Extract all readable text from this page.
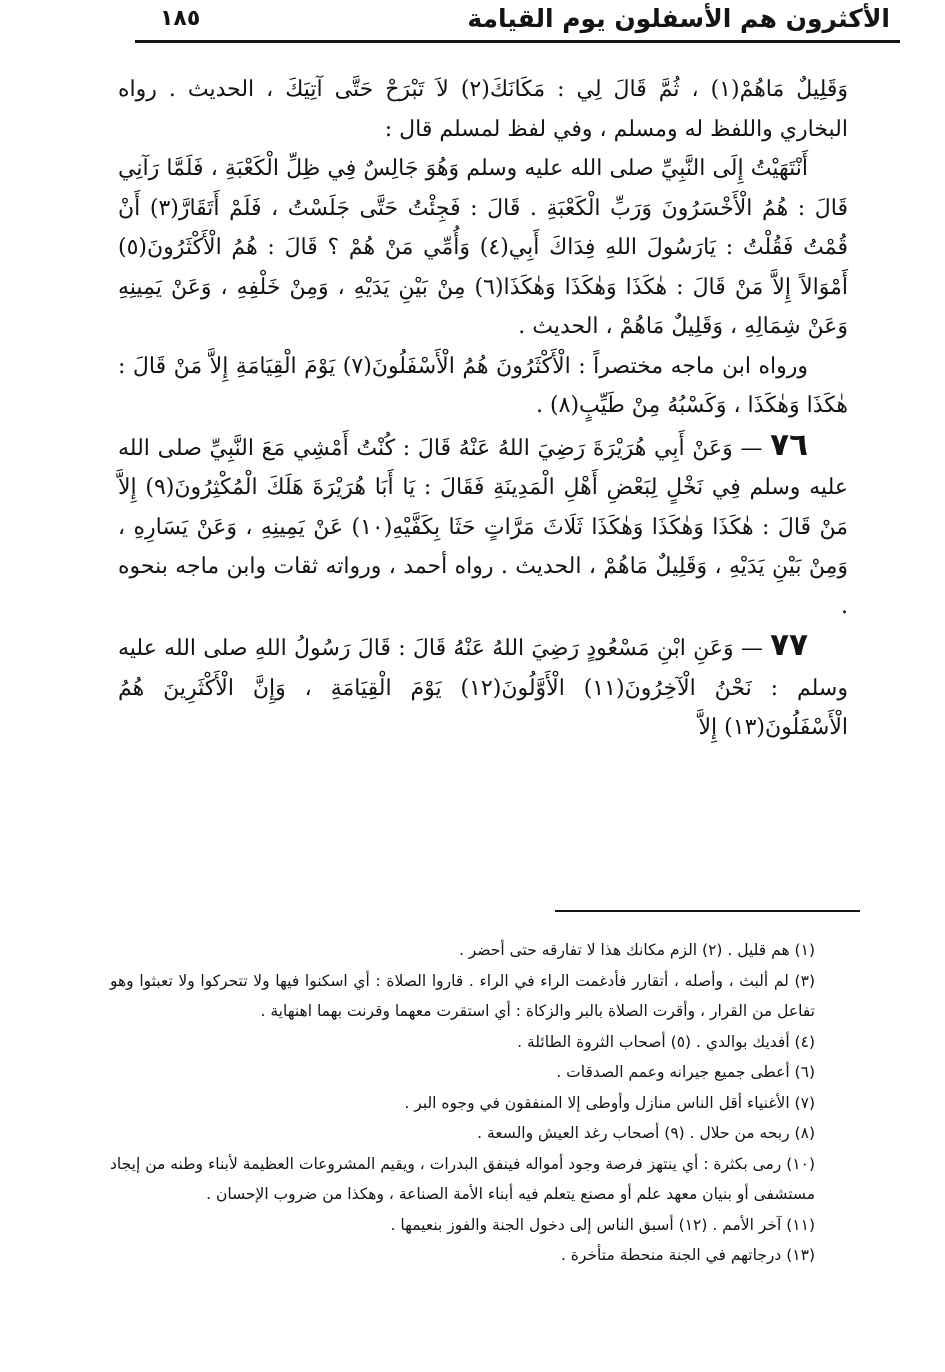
الأكثرون هم الأسفلون يوم القيامة
١٨٥

وَقَلِيلٌ مَاهُمْ(١) ، ثُمَّ قَالَ لِي : مَكَانَكَ(٢) لاَ تَبْرَحْ حَتَّى آتِيَكَ ، الحديث . رواه البخاري واللفظ له ومسلم ، وفي لفظ لمسلم قال :

أَنْتَهَيْتُ إِلَى النَّبِيِّ صلى الله عليه وسلم وَهُوَ جَالِسٌ فِي ظِلِّ الْكَعْبَةِ ، فَلَمَّا رَآنِي قَالَ : هُمُ الْأَخْسَرُونَ وَرَبِّ الْكَعْبَةِ . قَالَ : فَجِئْتُ حَتَّى جَلَسْتُ ، فَلَمْ أَتَقَارَّ(٣) أَنْ قُمْتُ فَقُلْتُ : يَارَسُولَ اللهِ فِدَاكَ أَبِي(٤) وَأُمِّي مَنْ هُمْ ؟ قَالَ : هُمُ الْأَكْثَرُونَ(٥) أَمْوَالاً إِلاَّ مَنْ قَالَ : هٰكَذَا وَهٰكَذَا وَهٰكَذَا(٦) مِنْ بَيْنِ يَدَيْهِ ، وَمِنْ خَلْفِهِ ، وَعَنْ يَمِينِهِ وَعَنْ شِمَالِهِ ، وَقَلِيلٌ مَاهُمْ ، الحديث .

ورواه ابن ماجه مختصراً : الْأَكْثَرُونَ هُمُ الْأَسْفَلُونَ(٧) يَوْمَ الْقِيَامَةِ إِلاَّ مَنْ قَالَ : هٰكَذَا وَهٰكَذَا ، وَكَسْبُهُ مِنْ طَيِّبٍ(٨) .

٧٦ — وَعَنْ أَبِي هُرَيْرَةَ رَضِيَ اللهُ عَنْهُ قَالَ : كُنْتُ أَمْشِي مَعَ النَّبِيِّ صلى الله عليه وسلم فِي نَخْلٍ لِبَعْضِ أَهْلِ الْمَدِينَةِ فَقَالَ : يَا أَبَا هُرَيْرَةَ هَلَكَ الْمُكْثِرُونَ(٩) إِلاَّ مَنْ قَالَ : هٰكَذَا وَهٰكَذَا وَهٰكَذَا ثَلَاثَ مَرَّاتٍ حَثَا بِكَفَّيْهِ(١٠) عَنْ يَمِينِهِ ، وَعَنْ يَسَارِهِ ، وَمِنْ بَيْنِ يَدَيْهِ ، وَقَلِيلٌ مَاهُمْ ، الحديث . رواه أحمد ، ورواته ثقات وابن ماجه بنحوه .

٧٧ — وَعَنِ ابْنِ مَسْعُودٍ رَضِيَ اللهُ عَنْهُ قَالَ : قَالَ رَسُولُ اللهِ صلى الله عليه وسلم : نَحْنُ الْآخِرُونَ(١١) الْأَوَّلُونَ(١٢) يَوْمَ الْقِيَامَةِ ، وَإِنَّ الْأَكْثَرِينَ هُمُ الْأَسْفَلُونَ(١٣) إِلاَّ

(١) هم قليل . (٢) الزم مكانك هذا لا تفارقه حتى أحضر .
(٣) لم ألبث ، وأصله ، أتقارر فأدغمت الراء في الراء . قاروا الصلاة : أي اسكنوا فيها ولا تتحركوا ولا تعبثوا وهو تفاعل من القرار ، وأقرت الصلاة بالبر والزكاة : أي استقرت معهما وقرنت بهما اهنهاية .
(٤) أفديك بوالدي . (٥) أصحاب الثروة الطائلة .
(٦) أعطى جميع جيرانه وعمم الصدقات .
(٧) الأغنياء أقل الناس منازل وأوطى إلا المنفقون في وجوه البر .
(٨) ربحه من حلال . (٩) أصحاب رغد العيش والسعة .
(١٠) رمى بكثرة : أي ينتهز فرصة وجود أمواله فينفق البدرات ، ويقيم المشروعات العظيمة لأبناء وطنه من إيجاد مستشفى أو بنيان معهد علم أو مصنع يتعلم فيه أبناء الأمة الصناعة ، وهكذا من ضروب الإحسان .
(١١) آخر الأمم . (١٢) أسبق الناس إلى دخول الجنة والفوز بنعيمها .
(١٣) درجاتهم في الجنة منحطة متأخرة .
